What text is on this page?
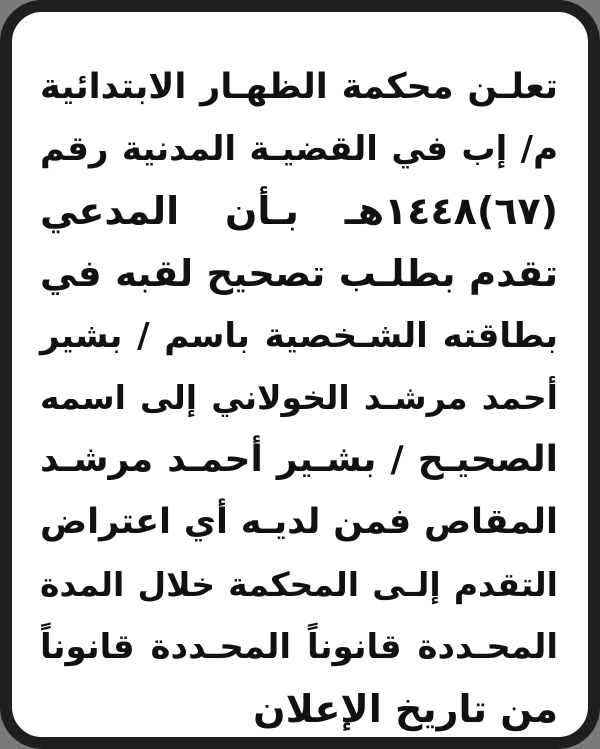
تعلـن محكمة الظهـار الابتدائية
م/ إب في القضيـة المدنية رقم
(٦٧)١٤٤٨هـ بـأن المدعي
تقدم بطلـب تصحيح لقبه في
بطاقته الشـخصية باسم / بشير
أحمد مرشـد الخولاني إلى اسمه
الصحيـح / بشـير أحمـد مرشـد
المقاص فمن لديـه أي اعتراض
التقدم إلـى المحكمة خلال المدة
المحـددة قانوناً المحـددة قانوناً
من تاريخ الإعلان
